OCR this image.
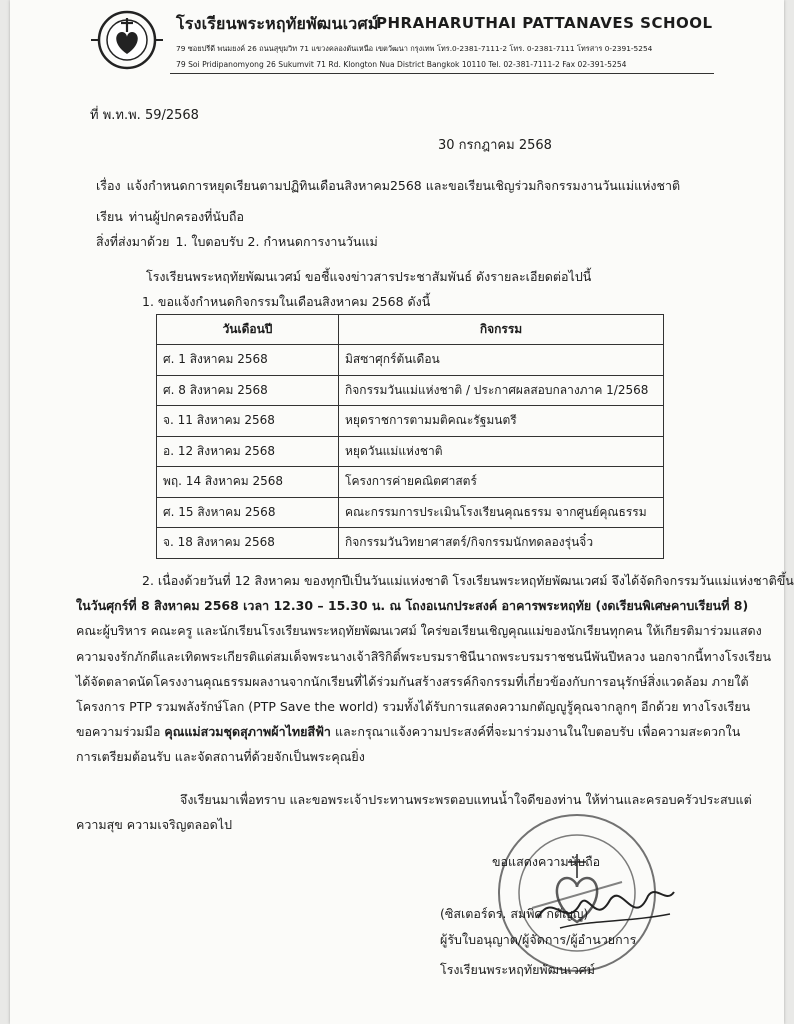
โรงเรียนพระหฤทัยพัฒนเวศม์
PHRAHARUTHAI PATTANAVES SCHOOL
79 ซอยปรีดี พนมยงค์ 26 ถนนสุขุมวิท 71 แขวงคลองตันเหนือ เขตวัฒนา กรุงเทพ โทร.0-2381-7111-2 โทร. 0-2381-7111 โทรสาร 0-2391-5254
79 Soi Pridipanomyong 26 Sukumvit 71 Rd. Klongton Nua District Bangkok 10110 Tel. 02-381-7111-2 Fax 02-391-5254
ที่ พ.ท.พ. 59/2568
30 กรกฎาคม 2568
เรื่อง แจ้งกำหนดการหยุดเรียนตามปฏิทินเดือนสิงหาคม2568 และขอเรียนเชิญร่วมกิจกรรมงานวันแม่แห่งชาติ
เรียน ท่านผู้ปกครองที่นับถือ
สิ่งที่ส่งมาด้วย 1. ใบตอบรับ 2. กำหนดการงานวันแม่
โรงเรียนพระหฤทัยพัฒนเวศม์ ขอชี้แจงข่าวสารประชาสัมพันธ์ ดังรายละเอียดต่อไปนี้
1. ขอแจ้งกำหนดกิจกรรมในเดือนสิงหาคม 2568 ดังนี้
วันเดือนปี	กิจกรรม
ศ. 1 สิงหาคม 2568	มิสซาศุกร์ต้นเดือน
ศ. 8 สิงหาคม 2568	กิจกรรมวันแม่แห่งชาติ / ประกาศผลสอบกลางภาค 1/2568
จ. 11 สิงหาคม 2568	หยุดราชการตามมติคณะรัฐมนตรี
อ. 12 สิงหาคม 2568	หยุดวันแม่แห่งชาติ
พฤ. 14 สิงหาคม 2568	โครงการค่ายคณิตศาสตร์
ศ. 15 สิงหาคม 2568	คณะกรรมการประเมินโรงเรียนคุณธรรม จากศูนย์คุณธรรม
จ. 18 สิงหาคม 2568	กิจกรรมวันวิทยาศาสตร์/กิจกรรมนักทดลองรุ่นจิ๋ว
2. เนื่องด้วยวันที่ 12 สิงหาคม ของทุกปีเป็นวันแม่แห่งชาติ โรงเรียนพระหฤทัยพัฒนเวศม์ จึงได้จัดกิจกรรมวันแม่แห่งชาติขึ้น
ในวันศุกร์ที่ 8 สิงหาคม 2568 เวลา 12.30 – 15.30 น. ณ โถงอเนกประสงค์ อาคารพระหฤทัย (งดเรียนพิเศษคาบเรียนที่ 8)
คณะผู้บริหาร คณะครู และนักเรียนโรงเรียนพระหฤทัยพัฒนเวศม์ ใคร่ขอเรียนเชิญคุณแม่ของนักเรียนทุกคน ให้เกียรติมาร่วมแสดง
ความจงรักภักดีและเทิดพระเกียรติแด่สมเด็จพระนางเจ้าสิริกิติ์พระบรมราชินีนาถพระบรมราชชนนีพันปีหลวง นอกจากนี้ทางโรงเรียน
ได้จัดตลาดนัดโครงงานคุณธรรมผลงานจากนักเรียนที่ได้ร่วมกันสร้างสรรค์กิจกรรมที่เกี่ยวข้องกับการอนุรักษ์สิ่งแวดล้อม ภายใต้
โครงการ PTP รวมพลังรักษ์โลก (PTP Save the world) รวมทั้งได้รับการแสดงความกตัญญูรู้คุณจากลูกๆ อีกด้วย ทางโรงเรียน
ขอความร่วมมือ คุณแม่สวมชุดสุภาพผ้าไทยสีฟ้า และกรุณาแจ้งความประสงค์ที่จะมาร่วมงานในใบตอบรับ เพื่อความสะดวกใน
การเตรียมต้อนรับ และจัดสถานที่ด้วยจักเป็นพระคุณยิ่ง
จึงเรียนมาเพื่อทราบ และขอพระเจ้าประทานพระพรตอบแทนน้ำใจดีของท่าน ให้ท่านและครอบครัวประสบแต่
ความสุข ความเจริญตลอดไป
ขอแสดงความนับถือ
(ซิสเตอร์ดร. สมพิศ กตัญญู)
ผู้รับใบอนุญาต/ผู้จัดการ/ผู้อำนวยการ
โรงเรียนพระหฤทัยพัฒนเวศม์
